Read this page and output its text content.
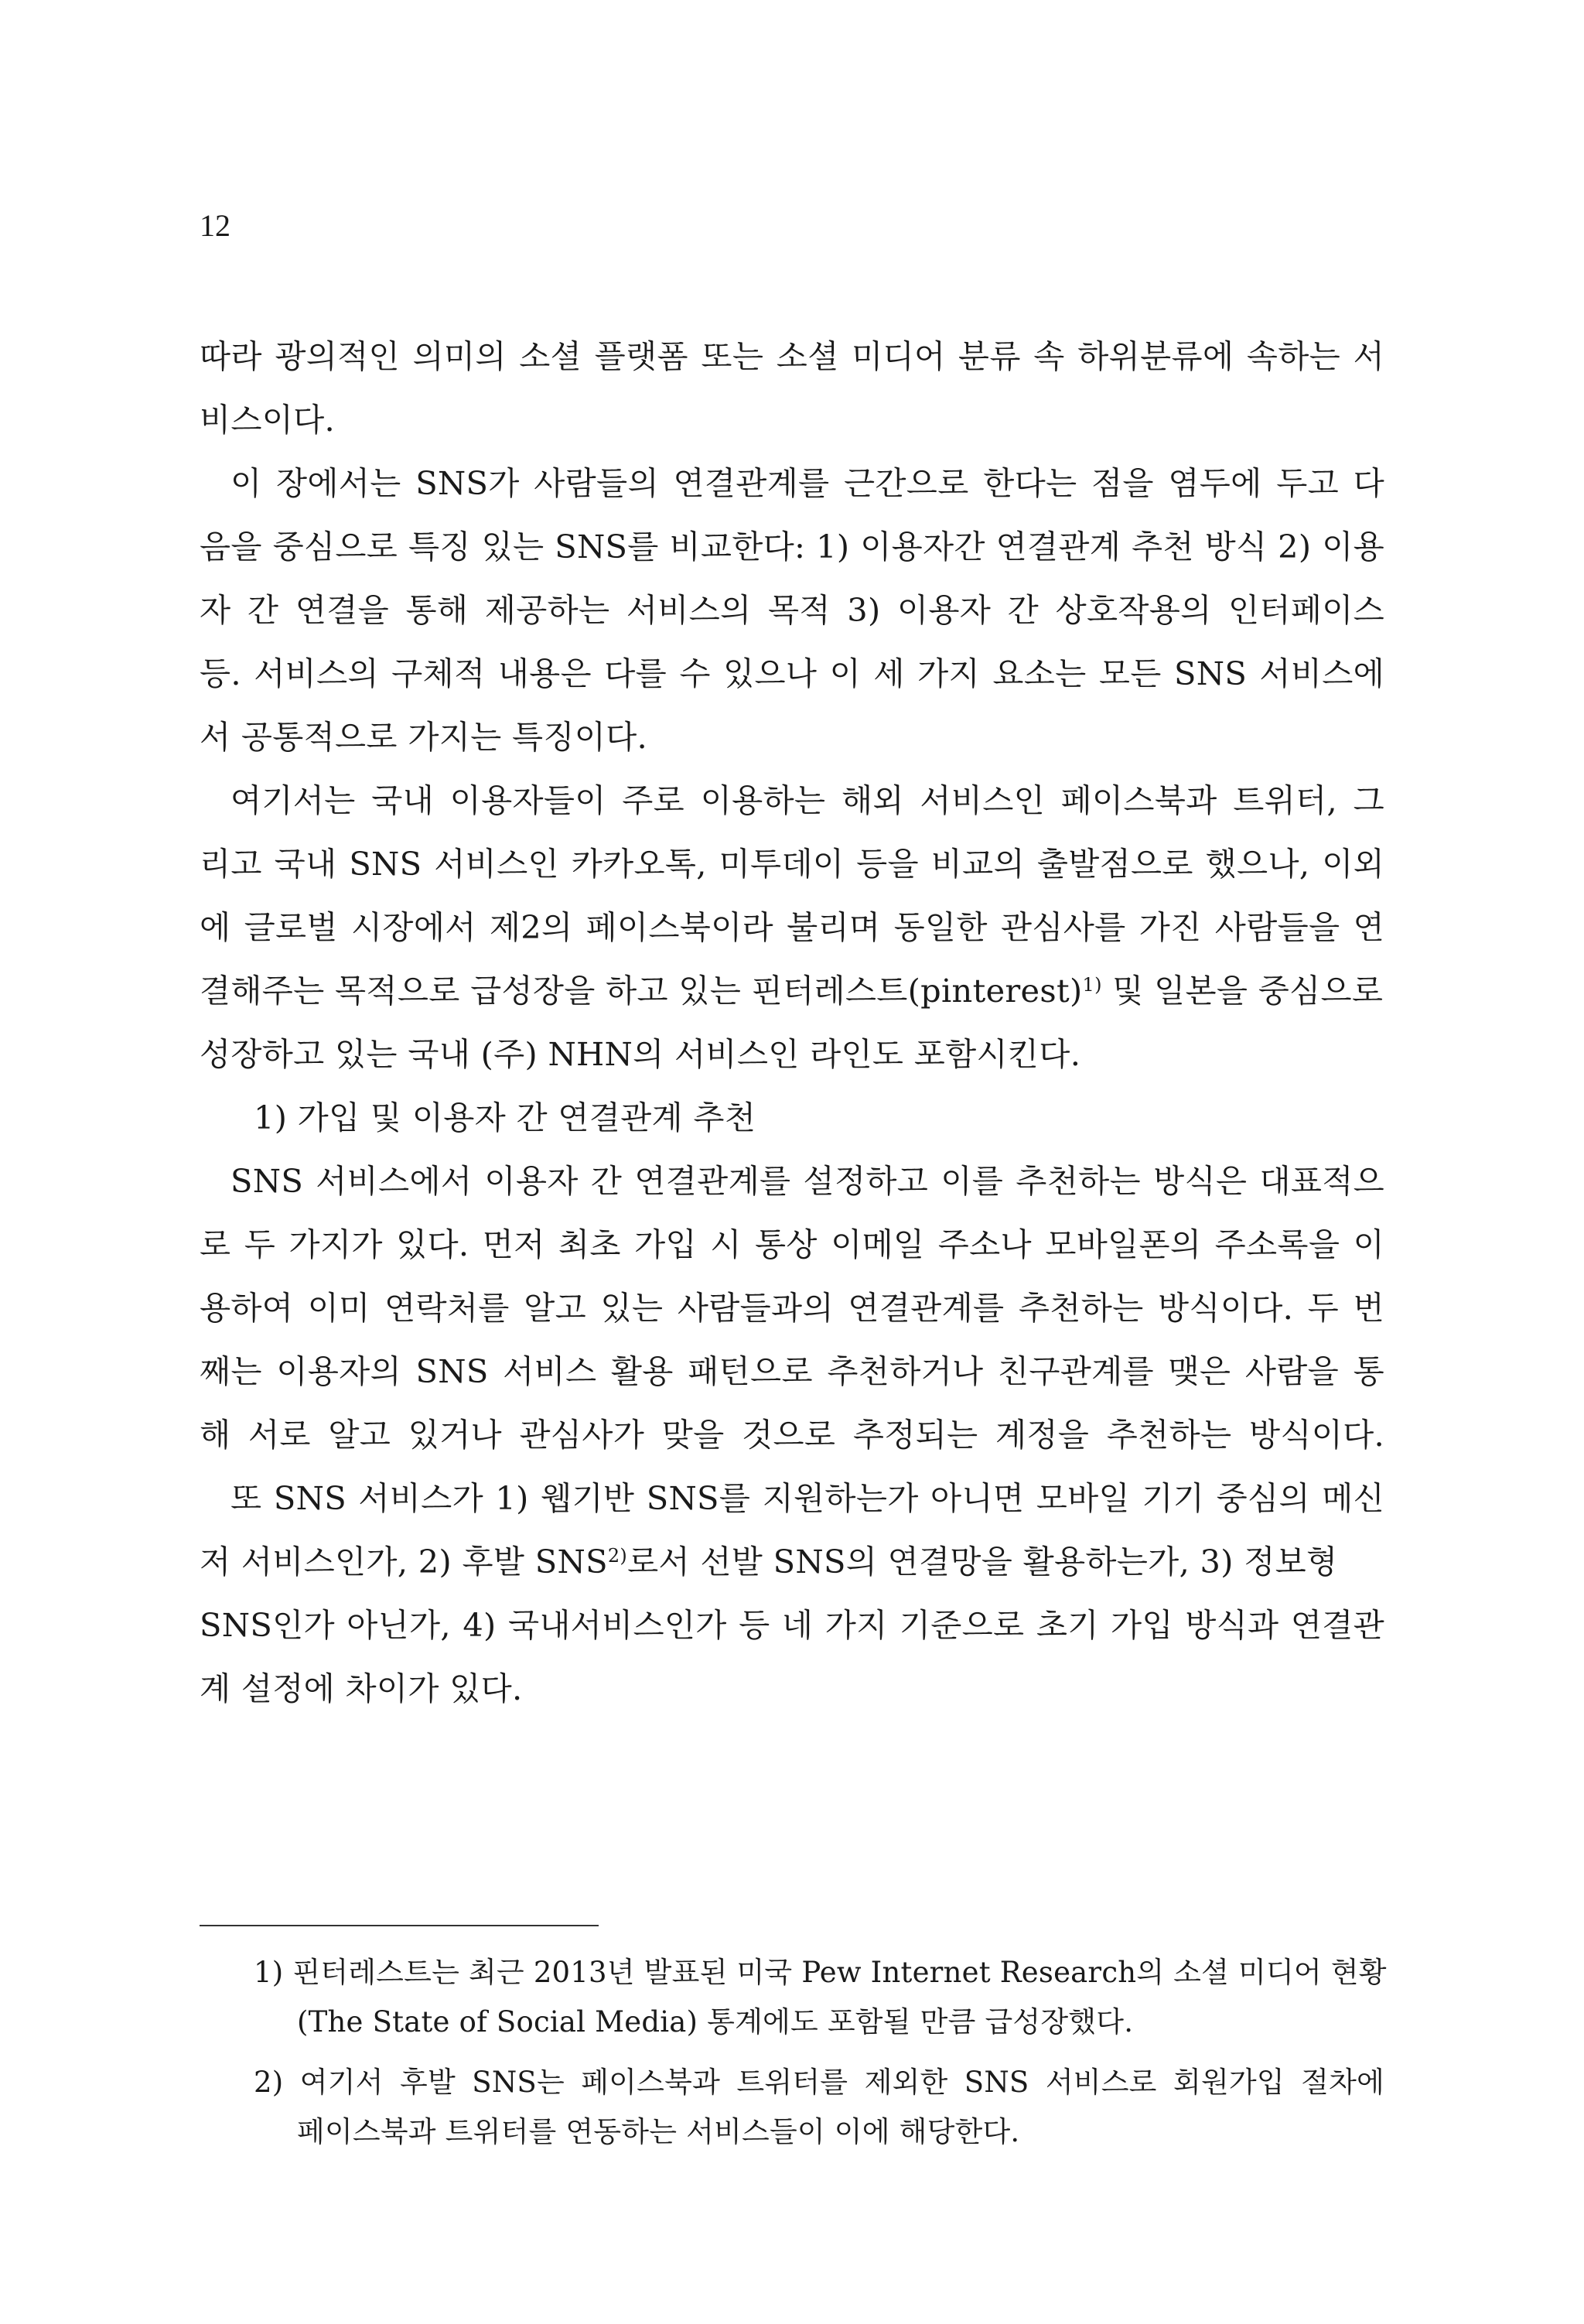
12
따라 광의적인 의미의 소셜 플랫폼 또는 소셜 미디어 분류 속 하위분류에 속하는 서
비스이다.
이 장에서는 SNS가 사람들의 연결관계를 근간으로 한다는 점을 염두에 두고 다
음을 중심으로 특징 있는 SNS를 비교한다: 1) 이용자간 연결관계 추천 방식 2) 이용
자 간 연결을 통해 제공하는 서비스의 목적 3) 이용자 간 상호작용의 인터페이스
등. 서비스의 구체적 내용은 다를 수 있으나 이 세 가지 요소는 모든 SNS 서비스에
서 공통적으로 가지는 특징이다.
여기서는 국내 이용자들이 주로 이용하는 해외 서비스인 페이스북과 트위터, 그
리고 국내 SNS 서비스인 카카오톡, 미투데이 등을 비교의 출발점으로 했으나, 이외
에 글로벌 시장에서 제2의 페이스북이라 불리며 동일한 관심사를 가진 사람들을 연
결해주는 목적으로 급성장을 하고 있는 핀터레스트(pinterest)$^{1)}$ 및 일본을 중심으로
성장하고 있는 국내 (주) NHN의 서비스인 라인도 포함시킨다.
1) 가입 및 이용자 간 연결관계 추천
SNS 서비스에서 이용자 간 연결관계를 설정하고 이를 추천하는 방식은 대표적으
로 두 가지가 있다. 먼저 최초 가입 시 통상 이메일 주소나 모바일폰의 주소록을 이
용하여 이미 연락처를 알고 있는 사람들과의 연결관계를 추천하는 방식이다. 두 번
째는 이용자의 SNS 서비스 활용 패턴으로 추천하거나 친구관계를 맺은 사람을 통
해 서로 알고 있거나 관심사가 맞을 것으로 추정되는 계정을 추천하는 방식이다.
또 SNS 서비스가 1) 웹기반 SNS를 지원하는가 아니면 모바일 기기 중심의 메신
저 서비스인가, 2) 후발 SNS$^{2)}$로서 선발 SNS의 연결망을 활용하는가, 3) 정보형
SNS인가 아닌가, 4) 국내서비스인가 등 네 가지 기준으로 초기 가입 방식과 연결관
계 설정에 차이가 있다.
1) 핀터레스트는 최근 2013년 발표된 미국 Pew Internet Research의 소셜 미디어 현황
(The State of Social Media) 통계에도 포함될 만큼 급성장했다.
2) 여기서 후발 SNS는 페이스북과 트위터를 제외한 SNS 서비스로 회원가입 절차에
페이스북과 트위터를 연동하는 서비스들이 이에 해당한다.
